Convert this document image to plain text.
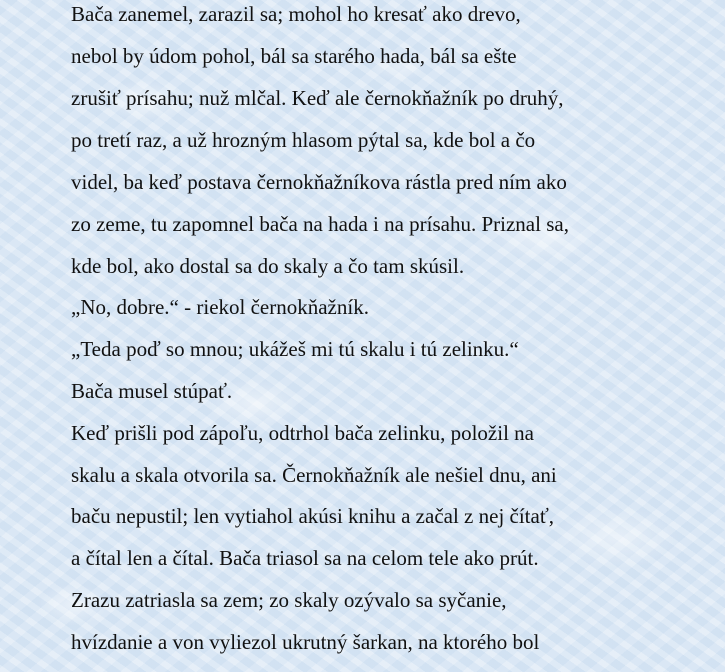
Bača zanemel, zarazil sa; mohol ho kresať ako drevo,

nebol by údom pohol, bál sa starého hada, bál sa ešte

zrušiť prísahu; nuž mlčal. Keď ale černokňažník po druhý,

po tretí raz, a už hrozným hlasom pýtal sa, kde bol a čo

videl, ba keď postava černokňažníkova rástla pred ním ako

zo zeme, tu zapomnel bača na hada i na prísahu. Priznal sa,

kde bol, ako dostal sa do skaly a čo tam skúsil.

„No, dobre.“ - riekol černokňažník.

„Teda poď so mnou; ukážeš mi tú skalu i tú zelinku.“

Bača musel stúpať.

Keď prišli pod zápoľu, odtrhol bača zelinku, položil na

skalu a skala otvorila sa. Černokňažník ale nešiel dnu, ani

baču nepustil; len vytiahol akúsi knihu a začal z nej čítať,

a čítal len a čítal. Bača triasol sa na celom tele ako prút.

Zrazu zatriasla sa zem; zo skaly ozývalo sa syčanie,

hvízdanie a von vyliezol ukrutný šarkan, na ktorého bol
